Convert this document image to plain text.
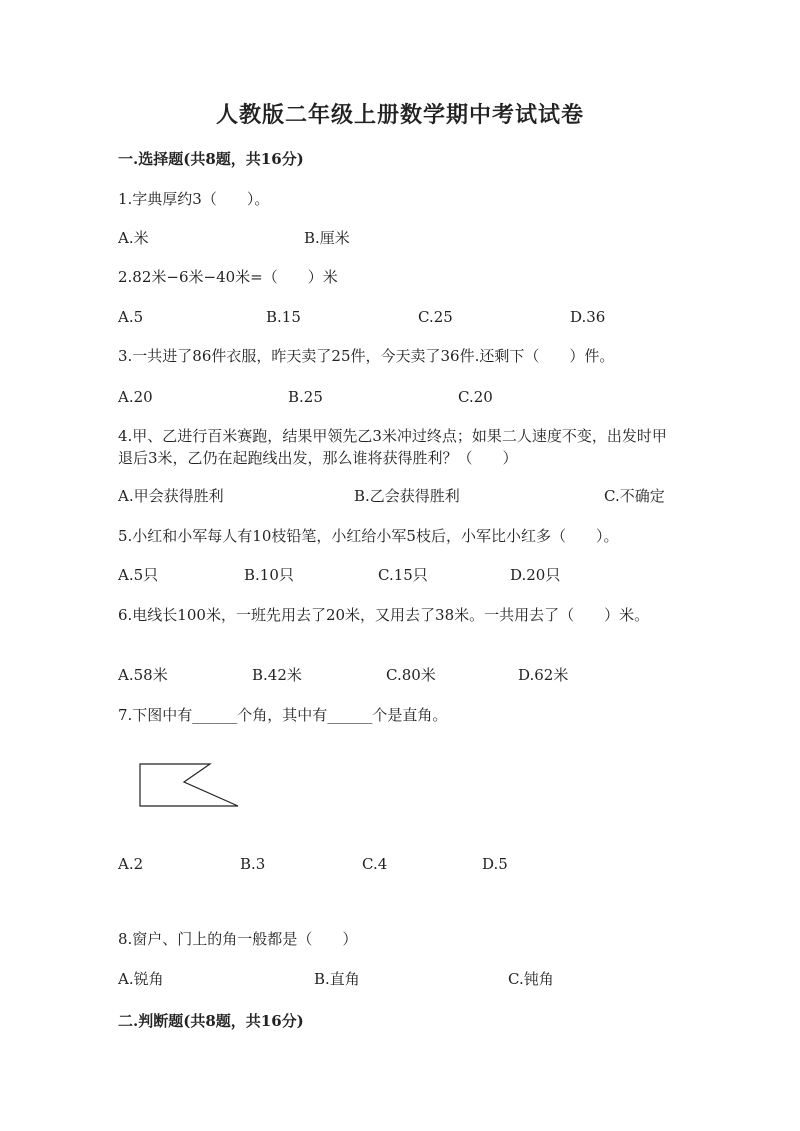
人教版二年级上册数学期中考试试卷
一.选择题(共8题，共16分)
1.字典厚约3（　　）。
A.米	B.厘米
2.82米−6米−40米=（　　）米
A.5	B.15	C.25	D.36
3.一共进了86件衣服，昨天卖了25件，今天卖了36件.还剩下（　　）件。
A.20	B.25	C.20
4.甲、乙进行百米赛跑，结果甲领先乙3米冲过终点；如果二人速度不变，出发时甲退后3米，乙仍在起跑线出发，那么谁将获得胜利？（　　）
A.甲会获得胜利	B.乙会获得胜利	C.不确定
5.小红和小军每人有10枝铅笔，小红给小军5枝后，小军比小红多（　　）。
A.5只	B.10只	C.15只	D.20只
6.电线长100米，一班先用去了20米，又用去了38米。一共用去了（　　）米。
A.58米	B.42米	C.80米	D.62米
7.下图中有______个角，其中有______个是直角。
A.2	B.3	C.4	D.5
8.窗户、门上的角一般都是（　　）
A.锐角	B.直角	C.钝角
二.判断题(共8题，共16分)
